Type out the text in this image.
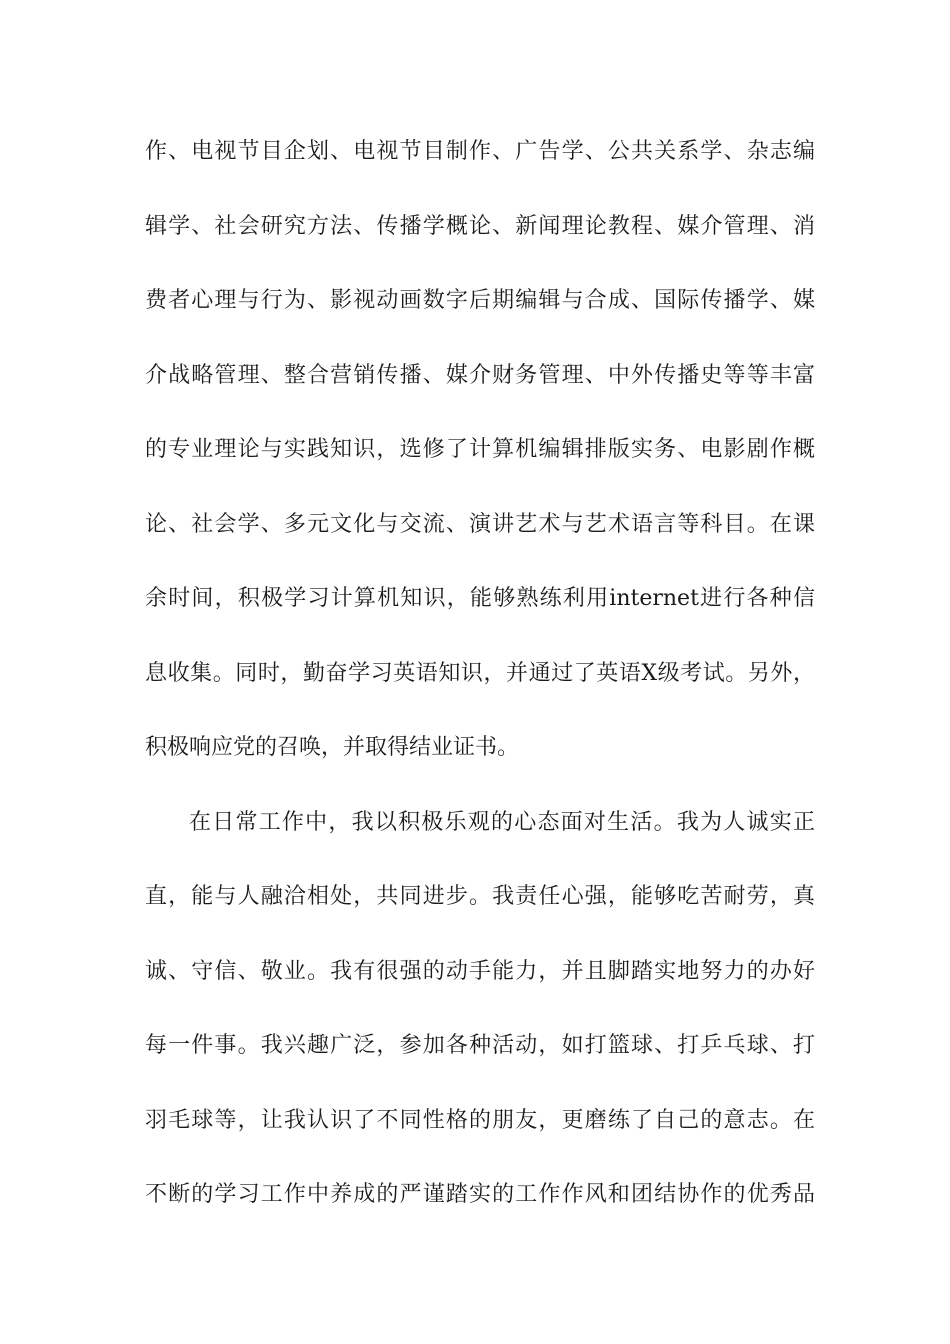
作、电视节目企划、电视节目制作、广告学、公共关系学、杂志编
辑学、社会研究方法、传播学概论、新闻理论教程、媒介管理、消
费者心理与行为、影视动画数字后期编辑与合成、国际传播学、媒
介战略管理、整合营销传播、媒介财务管理、中外传播史等等丰富
的专业理论与实践知识，选修了计算机编辑排版实务、电影剧作概
论、社会学、多元文化与交流、演讲艺术与艺术语言等科目。在课
余时间，积极学习计算机知识，能够熟练利用internet进行各种信
息收集。同时，勤奋学习英语知识，并通过了英语X级考试。另外，
积极响应党的召唤，并取得结业证书。
在日常工作中，我以积极乐观的心态面对生活。我为人诚实正
直，能与人融洽相处，共同进步。我责任心强，能够吃苦耐劳，真
诚、守信、敬业。我有很强的动手能力，并且脚踏实地努力的办好
每一件事。我兴趣广泛，参加各种活动，如打篮球、打乒乓球、打
羽毛球等，让我认识了不同性格的朋友，更磨练了自己的意志。在
不断的学习工作中养成的严谨踏实的工作作风和团结协作的优秀品
